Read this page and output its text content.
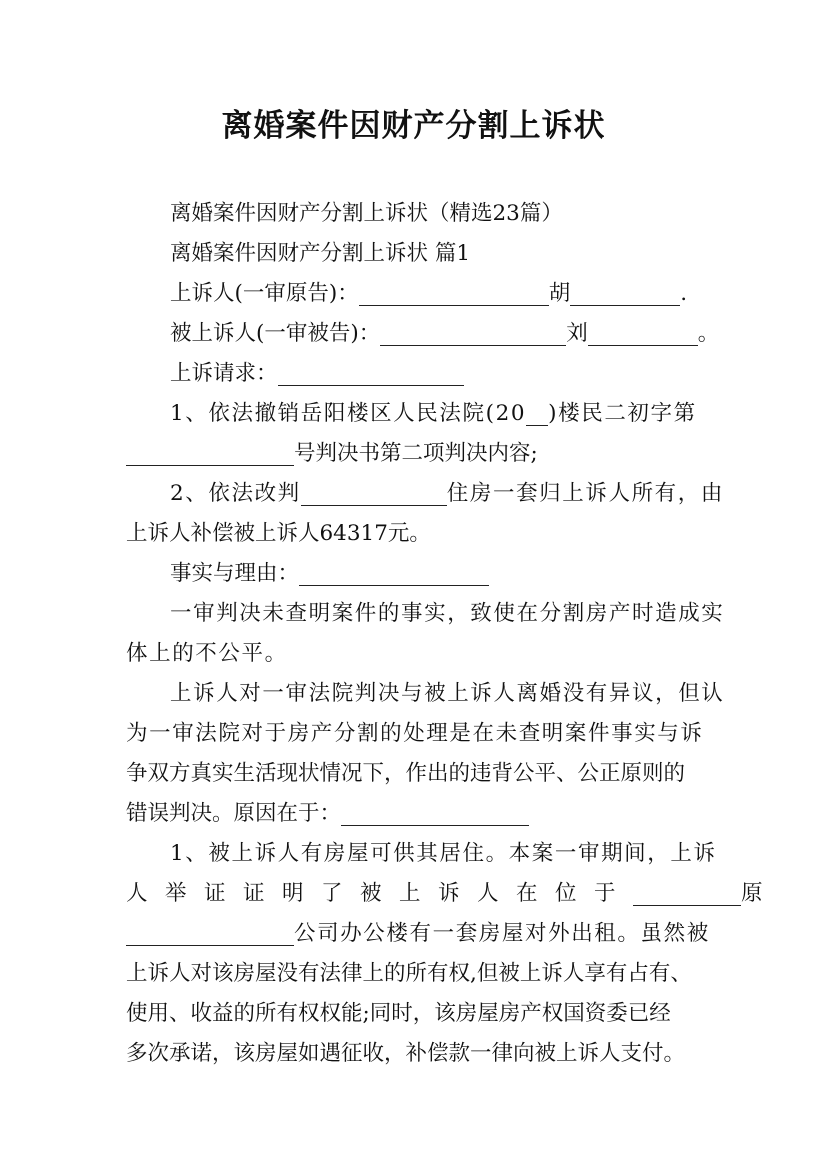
离婚案件因财产分割上诉状
离婚案件因财产分割上诉状（精选23篇）
离婚案件因财产分割上诉状 篇1
上诉人(一审原告)：	胡	.
被上诉人(一审被告)：	刘	。
上诉请求：
1、依法撤销岳阳楼区人民法院(20 )楼民二初字第
号判决书第二项判决内容;
2、依法改判	住房一套归上诉人所有，由
上诉人补偿被上诉人64317元。
事实与理由：
一审判决未查明案件的事实，致使在分割房产时造成实
体上的不公平。
上诉人对一审法院判决与被上诉人离婚没有异议，但认
为一审法院对于房产分割的处理是在未查明案件事实与诉
争双方真实生活现状情况下，作出的违背公平、公正原则的
错误判决。原因在于：
1、被上诉人有房屋可供其居住。本案一审期间，上诉
人举证证明了被上诉人在位于	原
公司办公楼有一套房屋对外出租。虽然被
上诉人对该房屋没有法律上的所有权,但被上诉人享有占有、
使用、收益的所有权权能;同时，该房屋房产权国资委已经
多次承诺，该房屋如遇征收，补偿款一律向被上诉人支付。
